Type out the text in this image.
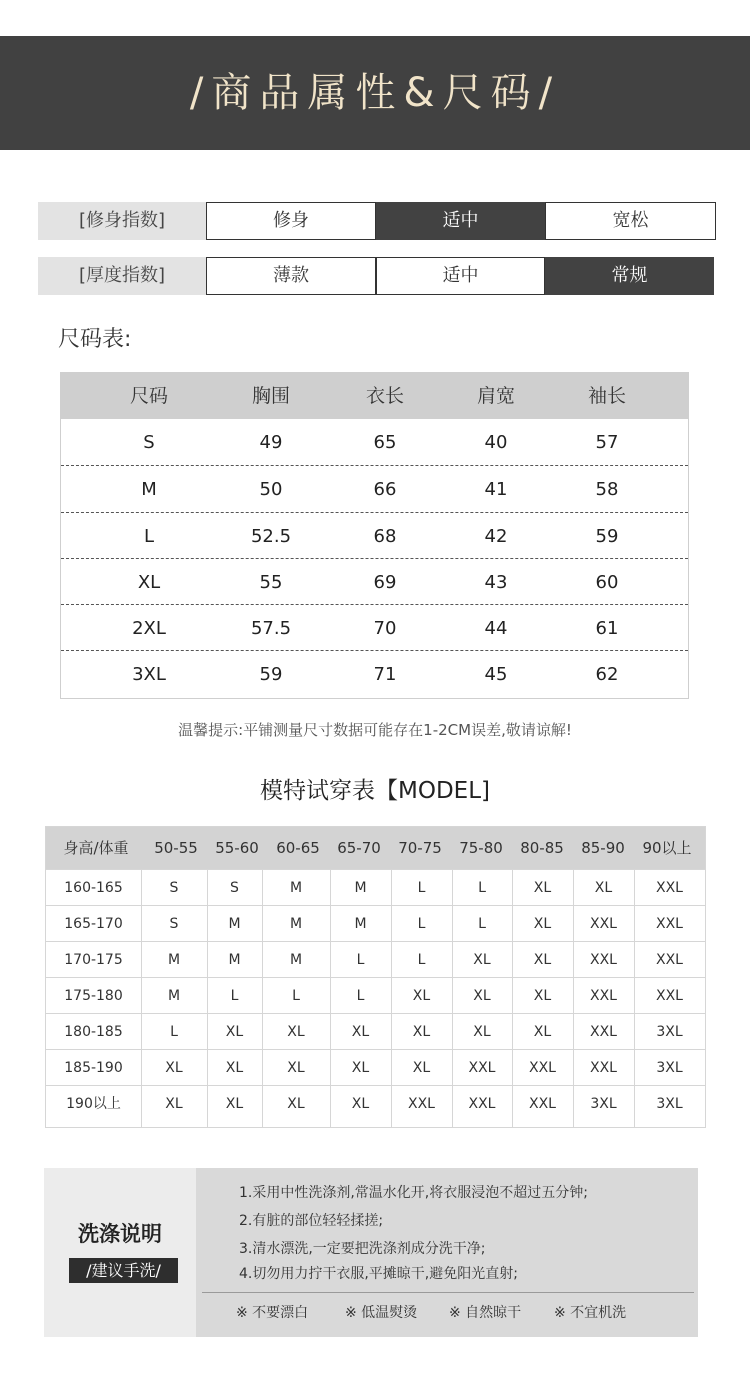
/商品属性&尺码/
[修身指数]	修身	适中	宽松
[厚度指数]	薄款	适中	常规
尺码表:
尺码	胸围	衣长	肩宽	袖长
S	49	65	40	57
M	50	66	41	58
L	52.5	68	42	59
XL	55	69	43	60
2XL	57.5	70	44	61
3XL	59	71	45	62
温馨提示:平铺测量尺寸数据可能存在1-2CM误差,敬请谅解!
模特试穿表【MODEL]
身高/体重	50-55	55-60	60-65	65-70	70-75	75-80	80-85	85-90	90以上
160-165	S	S	M	M	L	L	XL	XL	XXL
165-170	S	M	M	M	L	L	XL	XXL	XXL
170-175	M	M	M	L	L	XL	XL	XXL	XXL
175-180	M	L	L	L	XL	XL	XL	XXL	XXL
180-185	L	XL	XL	XL	XL	XL	XL	XXL	3XL
185-190	XL	XL	XL	XL	XL	XXL	XXL	XXL	3XL
190以上	XL	XL	XL	XL	XXL	XXL	XXL	3XL	3XL
洗涤说明
/建议手洗/
1.采用中性洗涤剂,常温水化开,将衣服浸泡不超过五分钟;
2.有脏的部位轻轻揉搓;
3.清水漂洗,一定要把洗涤剂成分洗干净;
4.切勿用力拧干衣服,平摊晾干,避免阳光直射;
※ 不要漂白	※ 低温熨烫 ※ 自然晾干 ※ 不宜机洗
